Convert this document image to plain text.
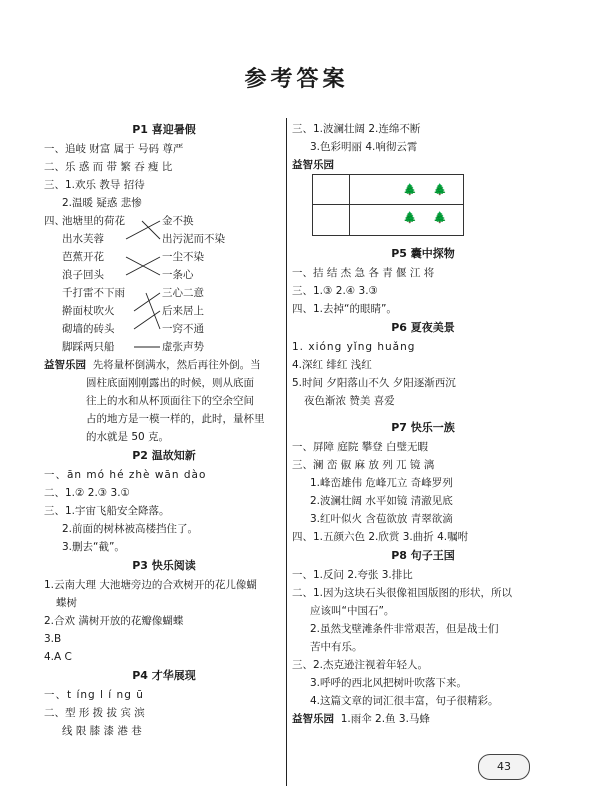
参考答案
P1 喜迎暑假
一、追岐 财富 属于 号码 尊严
二、乐 惑 而 带 繁 吞 瘦 比
三、1.欢乐 教导 招待
2.温暖 疑惑 悲惨
四、
池塘里的荷花
出水芙蓉
芭蕉开花
浪子回头
千打雷不下雨
擀面杖吹火
砌墙的砖头
脚踩两只船
金不换
出污泥而不染
一尘不染
一条心
三心二意
后来居上
一窍不通
虚张声势
益智乐园 先将量杯倒满水，然后再往外倒。当
圆柱底面刚刚露出的时候，则从底面
往上的水和从杯顶面往下的空余空间
占的地方是一模一样的，此时，量杯里
的水就是 50 克。
P2 温故知新
一、ān mó hé zhè wān dào
二、1.② 2.③ 3.①
三、1.宇宙飞船安全降落。
2.前面的树林被高楼挡住了。
3.删去“截”。
P3 快乐阅读
1.云南大理 大池塘旁边的合欢树开的花儿像蝴
蝶树
2.合欢 满树开放的花瓣像蝴蝶
3.B
4.A C
P4 才华展现
一、t íng l í ng ū
二、型 形 拨 拔 宾 滨
线 限 膝 漆 港 巷
三、1.波澜壮阔 2.连绵不断
3.色彩明丽 4.响彻云霄
益智乐园
🌲 🌲
🌲 🌲
P5 囊中探物
一、拮 结 杰 急 各 青 偃 江 将
三、1.③ 2.④ 3.③
四、1.去掉“的眼睛”。
P6 夏夜美景
1. xióng yǐng huǎng
4.深红 绯红 浅红
5.时间 夕阳落山不久 夕阳逐渐西沉
夜色渐浓 赞美 喜爱
P7 快乐一族
一、屏障 庭院 攀登 白璧无暇
三、澜 峦 俶 麻 放 列 兀 镜 漓
1.峰峦雄伟 危峰兀立 奇峰罗列
2.波澜壮阔 水平如镜 清澈见底
3.红叶似火 含苞欲放 青翠欲滴
四、1.五颜六色 2.欣赏 3.曲折 4.嘱咐
P8 句子王国
一、1.反问 2.夸张 3.排比
二、1.因为这块石头很像祖国版图的形状，所以
应该叫“中国石”。
2.虽然戈壁滩条件非常艰苦，但是战士们
苦中有乐。
三、2.杰克逊注视着年轻人。
3.呼呼的西北风把树叶吹落下来。
4.这篇文章的词汇很丰富，句子很精彩。
益智乐园 1.雨伞 2.鱼 3.马蜂
43
